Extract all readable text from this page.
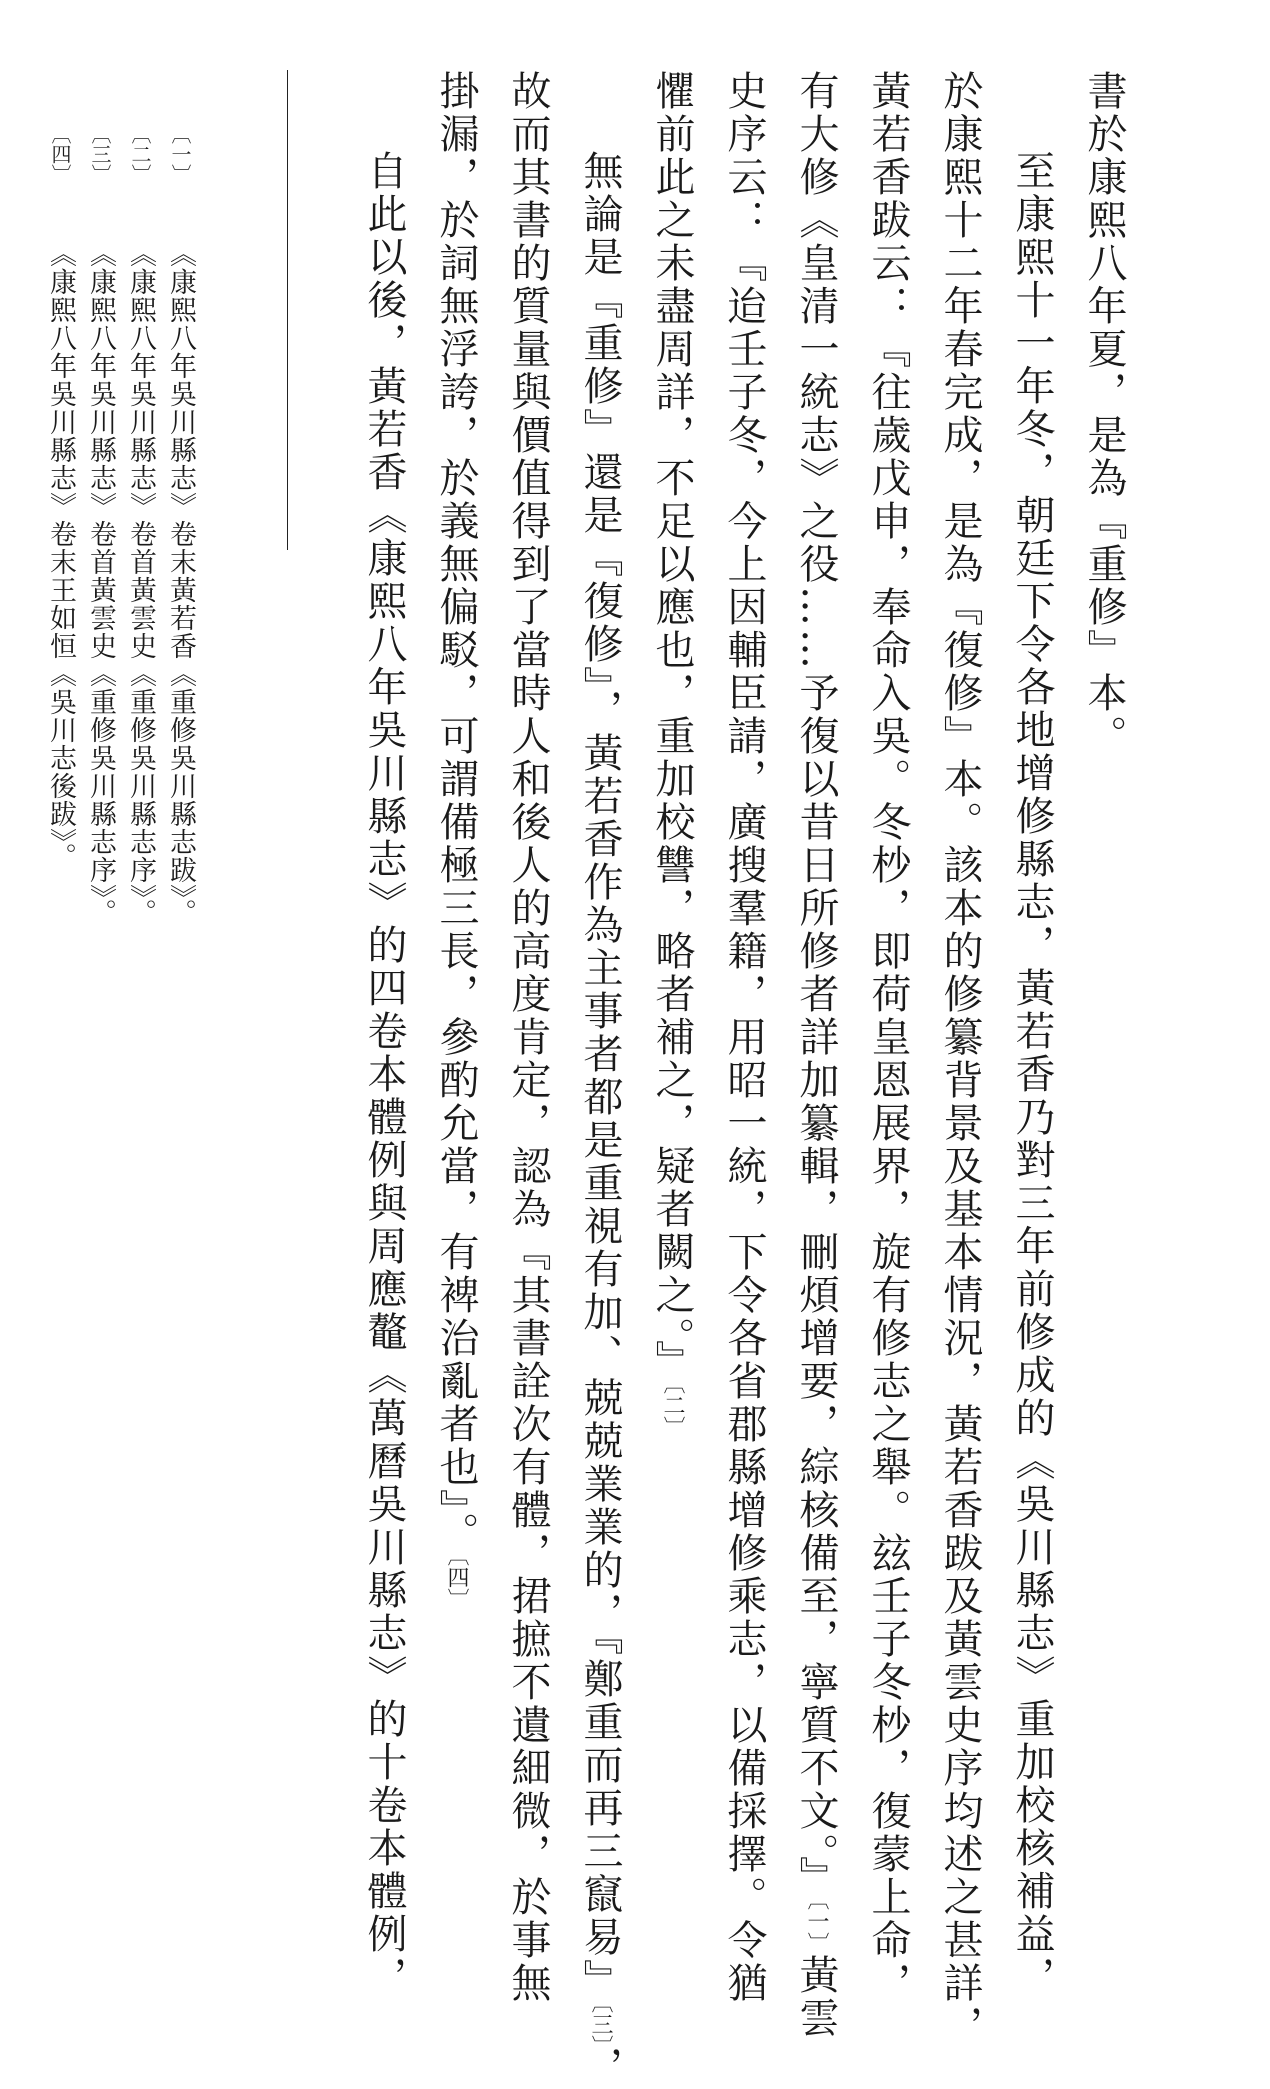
書於康熙八年夏，是為『重修』本。

至康熙十一年冬，朝廷下令各地增修縣志，黃若香乃對三年前修成的《吳川縣志》重加校核補益，

於康熙十二年春完成，是為『復修』本。該本的修纂背景及基本情況，黃若香跋及黃雲史序均述之甚詳，

黃若香跋云：『往歲戊申，奉命入吳。冬杪，即荷皇恩展界，旋有修志之舉。玆壬子冬杪，復蒙上命，

有大修《皇清一統志》之役……予復以昔日所修者詳加纂輯，刪煩增要，綜核備至，寧質不文。』〔一〕黃雲

史序云：『迨壬子冬，今上因輔臣請，廣搜羣籍，用昭一統，下令各省郡縣增修乘志，以備採擇。令猶

懼前此之未盡周詳，不足以應也，重加校讐，略者補之，疑者闕之。』〔二〕

無論是『重修』還是『復修』，黃若香作為主事者都是重視有加、兢兢業業的，『鄭重而再三竄易』〔三〕，

故而其書的質量與價值得到了當時人和後人的高度肯定，認為『其書詮次有體，捃摭不遺細微，於事無

掛漏，於詞無浮誇，於義無偏駁，可謂備極三長，參酌允當，有裨治亂者也』。〔四〕

自此以後，黃若香《康熙八年吳川縣志》的四卷本體例與周應鼇《萬曆吳川縣志》的十卷本體例，

〔一〕《康熙八年吳川縣志》卷末黃若香《重修吳川縣志跋》。

〔二〕《康熙八年吳川縣志》卷首黃雲史《重修吳川縣志序》。

〔三〕《康熙八年吳川縣志》卷首黃雲史《重修吳川縣志序》。

〔四〕《康熙八年吳川縣志》卷末王如恒《吳川志後跋》。
